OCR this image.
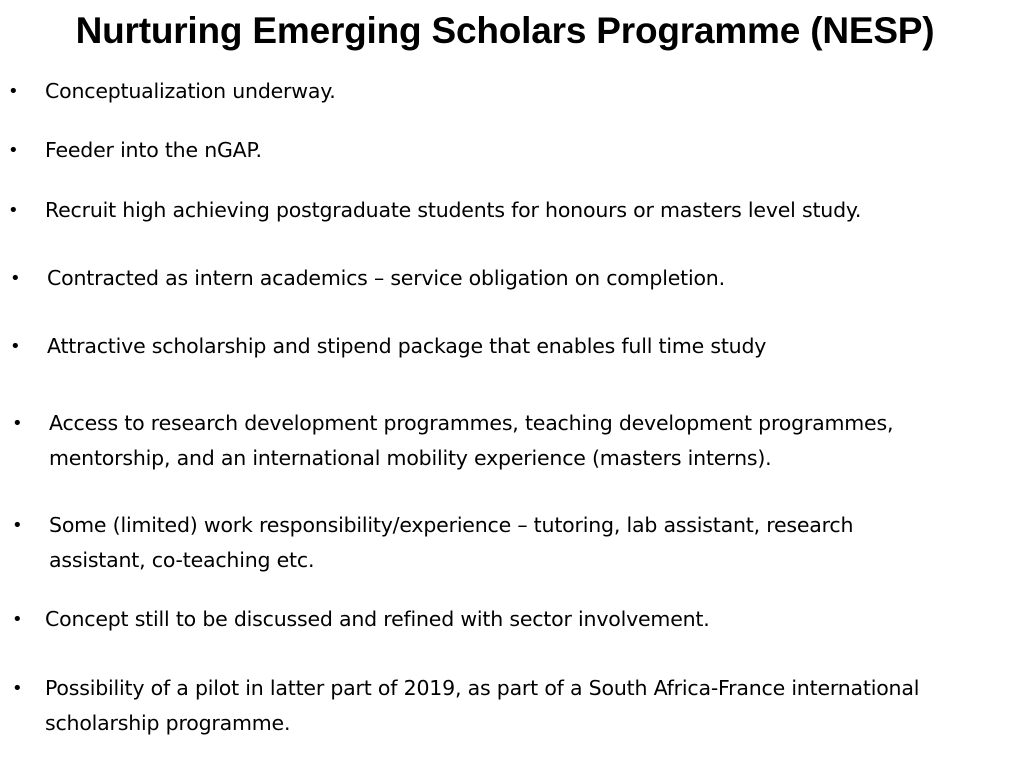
Nurturing Emerging Scholars Programme (NESP)
• Conceptualization underway.
• Feeder into the nGAP.
• Recruit high achieving postgraduate students for honours or masters level study.
• Contracted as intern academics – service obligation on completion.
• Attractive scholarship and stipend package that enables full time study
• Access to research development programmes, teaching development programmes, mentorship, and an international mobility experience (masters interns).
• Some (limited) work responsibility/experience – tutoring, lab assistant, research assistant, co-teaching etc.
• Concept still to be discussed and refined with sector involvement.
• Possibility of a pilot in latter part of 2019, as part of a South Africa-France international scholarship programme.
